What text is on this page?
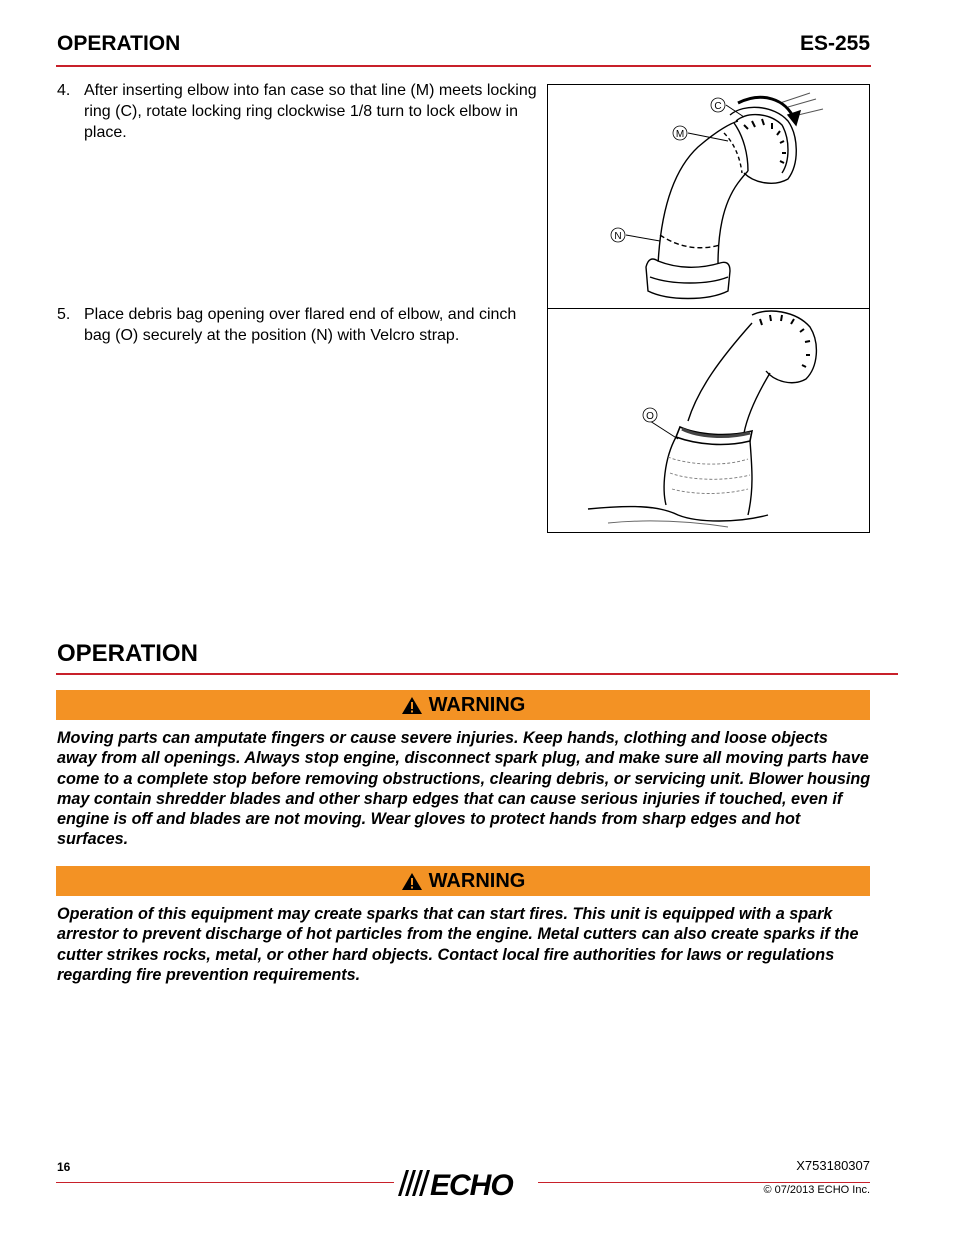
OPERATION	ES-255
4. After inserting elbow into fan case so that line (M) meets locking ring (C), rotate locking ring clockwise 1/8 turn to lock elbow in place.
5. Place debris bag opening over flared end of elbow, and cinch bag (O) securely at the position (N) with Velcro strap.
C
M
N
O
OPERATION
WARNING
Moving parts can amputate fingers or cause severe injuries. Keep hands, clothing and loose objects away from all openings. Always stop engine, disconnect spark plug, and make sure all moving parts have come to a complete stop before removing obstructions, clearing debris, or servicing unit. Blower housing may contain shredder blades and other sharp edges that can cause serious injuries if touched, even if engine is off and blades are not moving. Wear gloves to protect hands from sharp edges and hot surfaces.
WARNING
Operation of this equipment may create sparks that can start fires. This unit is equipped with a spark arrestor to prevent discharge of hot particles from the engine. Metal cutters can also create sparks if the cutter strikes rocks, metal, or other hard objects. Contact local fire authorities for laws or regulations regarding fire prevention requirements.
16
ECHO
X753180307
© 07/2013 ECHO Inc.
